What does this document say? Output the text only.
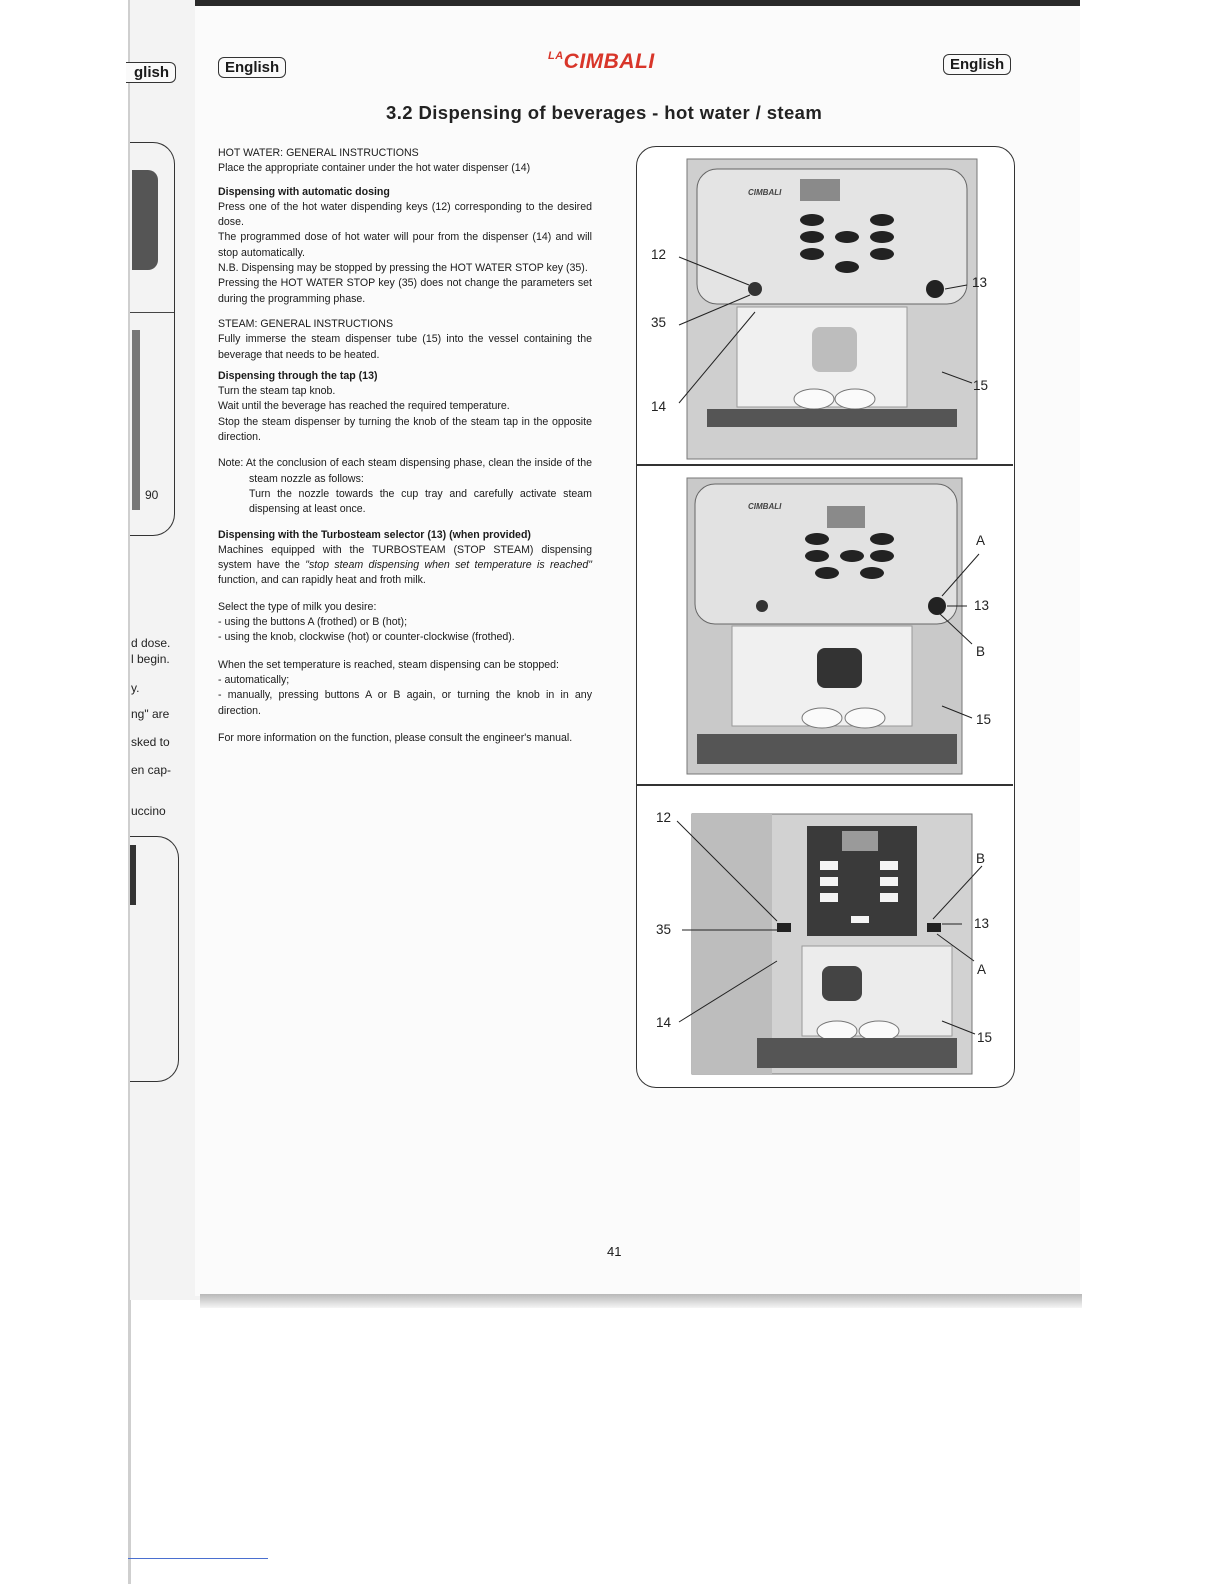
glish
90
d dose.
l begin.
y.
ng" are
sked to
en cap-
uccino
English
$^{LA}$CIMBALI	English
3.2 Dispensing of beverages - hot water / steam

HOT WATER: GENERAL INSTRUCTIONS

Place the appropriate container under the hot water dispenser (14)

Dispensing with automatic dosing

Press one of the hot water dispending keys (12) corresponding to the desired dose.

The programmed dose of hot water will pour from the dispenser (14) and will stop automatically.

N.B. Dispensing may be stopped by pressing the HOT WATER STOP key (35).

Pressing the HOT WATER STOP key (35) does not change the parameters set during the programming phase.

STEAM: GENERAL INSTRUCTIONS

Fully immerse the steam dispenser tube (15) into the vessel containing the beverage that needs to be heated.

Dispensing through the tap (13)

Turn the steam tap knob.

Wait until the beverage has reached the required temperature.

Stop the steam dispenser by turning the knob of the steam tap in the opposite direction.

Note: At the conclusion of each steam dispensing phase, clean the inside of the steam nozzle as follows:

Turn the nozzle towards the cup tray and carefully activate steam dispensing at least once.

Dispensing with the Turbosteam selector (13) (when provided)

Machines equipped with the TURBOSTEAM (STOP STEAM) dispensing system have the "stop steam dispensing when set temperature is reached" function, and can rapidly heat and froth milk.

Select the type of milk you desire:

- using the buttons A (frothed) or B (hot);

- using the knob, clockwise (hot) or counter-clockwise (frothed).

When the set temperature is reached, steam dispensing can be stopped:

- automatically;

- manually, pressing buttons A or B again, or turning the knob in in any direction.

For more information on the function, please consult the engineer's manual.

CIMBALI
12
35
14
13
15
CIMBALI
A
13
B
15
12
B
35	13
A
14
15
41
